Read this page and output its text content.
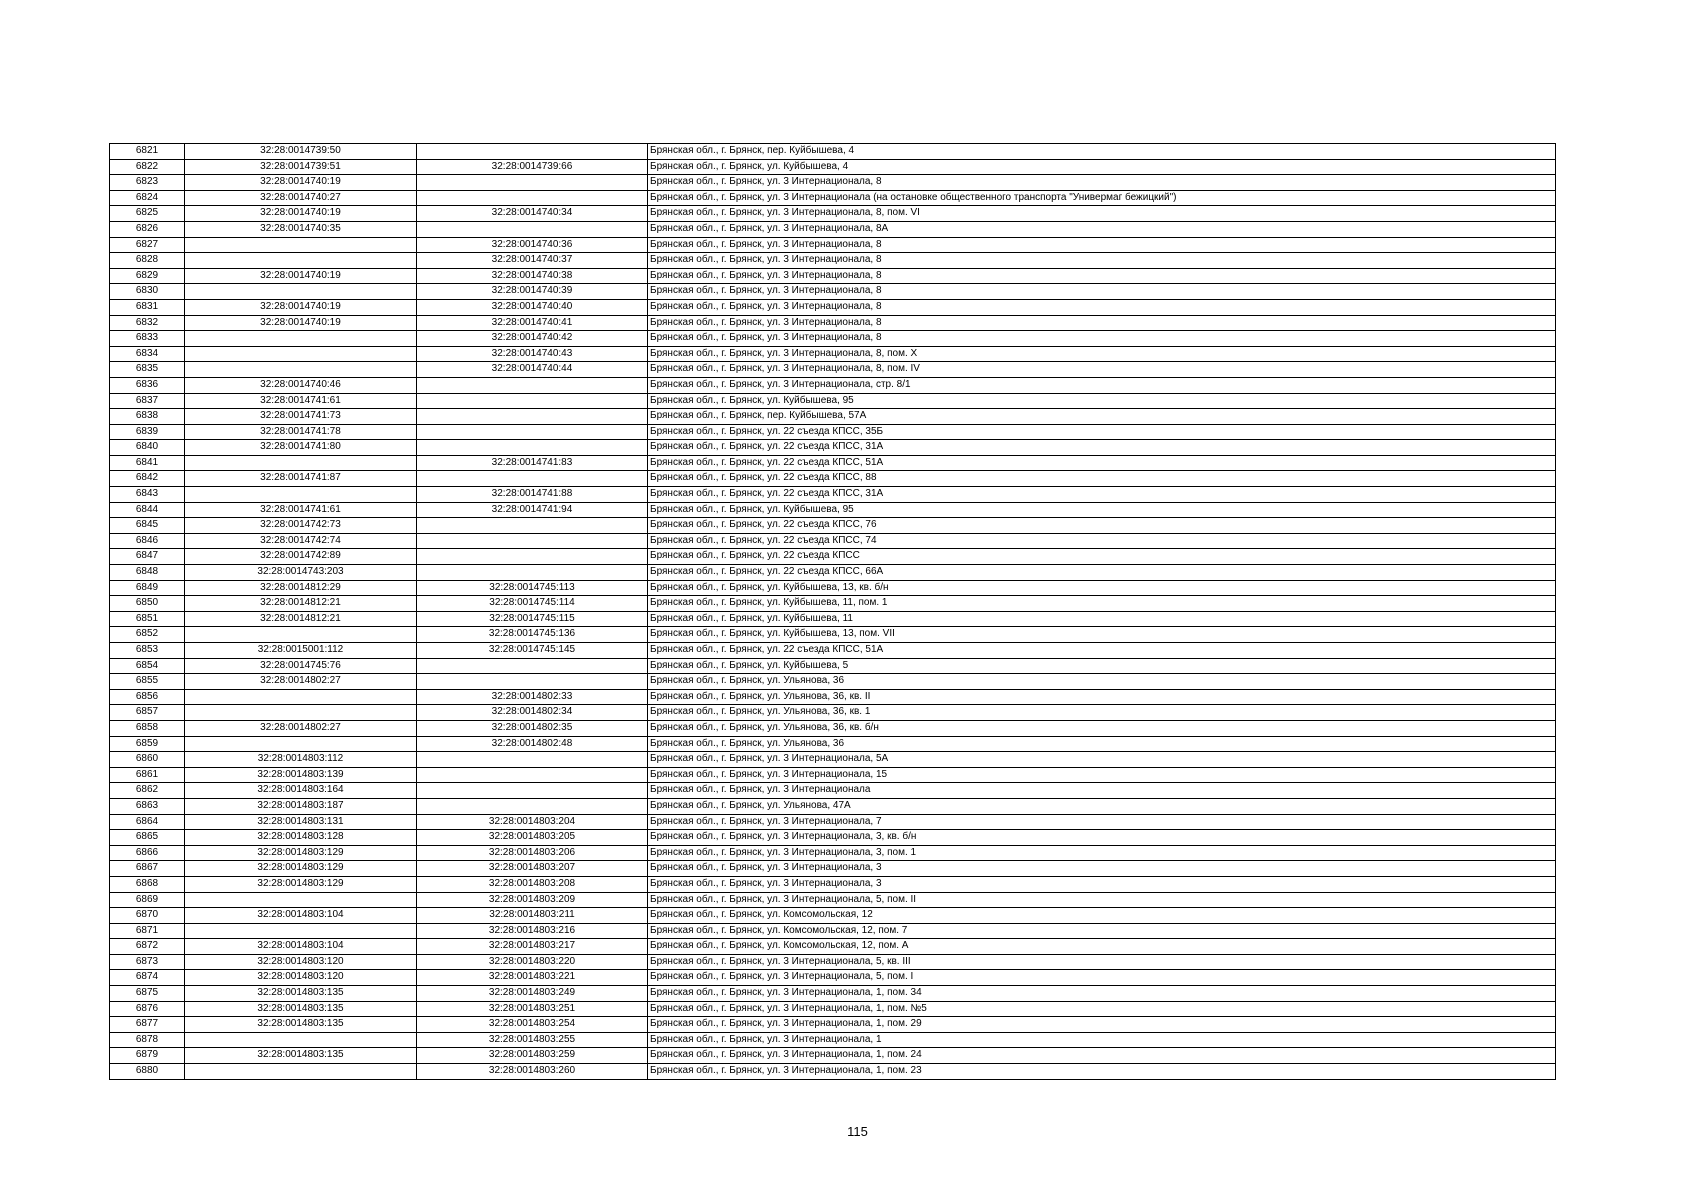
6821	32:28:0014739:50		Брянская обл., г. Брянск, пер. Куйбышева, 4
6822	32:28:0014739:51	32:28:0014739:66	Брянская обл., г. Брянск, ул. Куйбышева, 4
6823	32:28:0014740:19		Брянская обл., г. Брянск, ул. 3 Интернационала, 8
6824	32:28:0014740:27		Брянская обл., г. Брянск, ул. 3 Интернационала (на остановке общественного транспорта "Универмаг бежицкий")
6825	32:28:0014740:19	32:28:0014740:34	Брянская обл., г. Брянск, ул. 3 Интернационала, 8, пом. VI
6826	32:28:0014740:35		Брянская обл., г. Брянск, ул. 3 Интернационала, 8А
6827		32:28:0014740:36	Брянская обл., г. Брянск, ул. 3 Интернационала, 8
6828		32:28:0014740:37	Брянская обл., г. Брянск, ул. 3 Интернационала, 8
6829	32:28:0014740:19	32:28:0014740:38	Брянская обл., г. Брянск, ул. 3 Интернационала, 8
6830		32:28:0014740:39	Брянская обл., г. Брянск, ул. 3 Интернационала, 8
6831	32:28:0014740:19	32:28:0014740:40	Брянская обл., г. Брянск, ул. 3 Интернационала, 8
6832	32:28:0014740:19	32:28:0014740:41	Брянская обл., г. Брянск, ул. 3 Интернационала, 8
6833		32:28:0014740:42	Брянская обл., г. Брянск, ул. 3 Интернационала, 8
6834		32:28:0014740:43	Брянская обл., г. Брянск, ул. 3 Интернационала, 8, пом. X
6835		32:28:0014740:44	Брянская обл., г. Брянск, ул. 3 Интернационала, 8, пом. IV
6836	32:28:0014740:46		Брянская обл., г. Брянск, ул. 3 Интернационала, стр. 8/1
6837	32:28:0014741:61		Брянская обл., г. Брянск, ул. Куйбышева, 95
6838	32:28:0014741:73		Брянская обл., г. Брянск, пер. Куйбышева, 57А
6839	32:28:0014741:78		Брянская обл., г. Брянск, ул. 22 съезда КПСС, 35Б
6840	32:28:0014741:80		Брянская обл., г. Брянск, ул. 22 съезда КПСС, 31А
6841		32:28:0014741:83	Брянская обл., г. Брянск, ул. 22 съезда КПСС, 51А
6842	32:28:0014741:87		Брянская обл., г. Брянск, ул. 22 съезда КПСС, 88
6843		32:28:0014741:88	Брянская обл., г. Брянск, ул. 22 съезда КПСС, 31А
6844	32:28:0014741:61	32:28:0014741:94	Брянская обл., г. Брянск, ул. Куйбышева, 95
6845	32:28:0014742:73		Брянская обл., г. Брянск, ул. 22 съезда КПСС, 76
6846	32:28:0014742:74		Брянская обл., г. Брянск, ул. 22 съезда КПСС, 74
6847	32:28:0014742:89		Брянская обл., г. Брянск, ул. 22 съезда КПСС
6848	32:28:0014743:203		Брянская обл., г. Брянск, ул. 22 съезда КПСС, 66А
6849	32:28:0014812:29	32:28:0014745:113	Брянская обл., г. Брянск, ул. Куйбышева, 13, кв. б/н
6850	32:28:0014812:21	32:28:0014745:114	Брянская обл., г. Брянск, ул. Куйбышева, 11, пом. 1
6851	32:28:0014812:21	32:28:0014745:115	Брянская обл., г. Брянск, ул. Куйбышева, 11
6852		32:28:0014745:136	Брянская обл., г. Брянск, ул. Куйбышева, 13, пом. VII
6853	32:28:0015001:112	32:28:0014745:145	Брянская обл., г. Брянск, ул. 22 съезда КПСС, 51А
6854	32:28:0014745:76		Брянская обл., г. Брянск, ул. Куйбышева, 5
6855	32:28:0014802:27		Брянская обл., г. Брянск, ул. Ульянова, 36
6856		32:28:0014802:33	Брянская обл., г. Брянск, ул. Ульянова, 36, кв. II
6857		32:28:0014802:34	Брянская обл., г. Брянск, ул. Ульянова, 36, кв. 1
6858	32:28:0014802:27	32:28:0014802:35	Брянская обл., г. Брянск, ул. Ульянова, 36, кв. б/н
6859		32:28:0014802:48	Брянская обл., г. Брянск, ул. Ульянова, 36
6860	32:28:0014803:112		Брянская обл., г. Брянск, ул. 3 Интернационала, 5А
6861	32:28:0014803:139		Брянская обл., г. Брянск, ул. 3 Интернационала, 15
6862	32:28:0014803:164		Брянская обл., г. Брянск, ул. 3 Интернационала
6863	32:28:0014803:187		Брянская обл., г. Брянск, ул. Ульянова, 47А
6864	32:28:0014803:131	32:28:0014803:204	Брянская обл., г. Брянск, ул. 3 Интернационала, 7
6865	32:28:0014803:128	32:28:0014803:205	Брянская обл., г. Брянск, ул. 3 Интернационала, 3, кв. б/н
6866	32:28:0014803:129	32:28:0014803:206	Брянская обл., г. Брянск, ул. 3 Интернационала, 3, пом. 1
6867	32:28:0014803:129	32:28:0014803:207	Брянская обл., г. Брянск, ул. 3 Интернационала, 3
6868	32:28:0014803:129	32:28:0014803:208	Брянская обл., г. Брянск, ул. 3 Интернационала, 3
6869		32:28:0014803:209	Брянская обл., г. Брянск, ул. 3 Интернационала, 5, пом. II
6870	32:28:0014803:104	32:28:0014803:211	Брянская обл., г. Брянск, ул. Комсомольская, 12
6871		32:28:0014803:216	Брянская обл., г. Брянск, ул. Комсомольская, 12, пом. 7
6872	32:28:0014803:104	32:28:0014803:217	Брянская обл., г. Брянск, ул. Комсомольская, 12, пом. А
6873	32:28:0014803:120	32:28:0014803:220	Брянская обл., г. Брянск, ул. 3 Интернационала, 5, кв. III
6874	32:28:0014803:120	32:28:0014803:221	Брянская обл., г. Брянск, ул. 3 Интернационала, 5, пом. I
6875	32:28:0014803:135	32:28:0014803:249	Брянская обл., г. Брянск, ул. 3 Интернационала, 1, пом. 34
6876	32:28:0014803:135	32:28:0014803:251	Брянская обл., г. Брянск, ул. 3 Интернационала, 1, пом. №5
6877	32:28:0014803:135	32:28:0014803:254	Брянская обл., г. Брянск, ул. 3 Интернационала, 1, пом. 29
6878		32:28:0014803:255	Брянская обл., г. Брянск, ул. 3 Интернационала, 1
6879	32:28:0014803:135	32:28:0014803:259	Брянская обл., г. Брянск, ул. 3 Интернационала, 1, пом. 24
6880		32:28:0014803:260	Брянская обл., г. Брянск, ул. 3 Интернационала, 1, пом. 23
115
